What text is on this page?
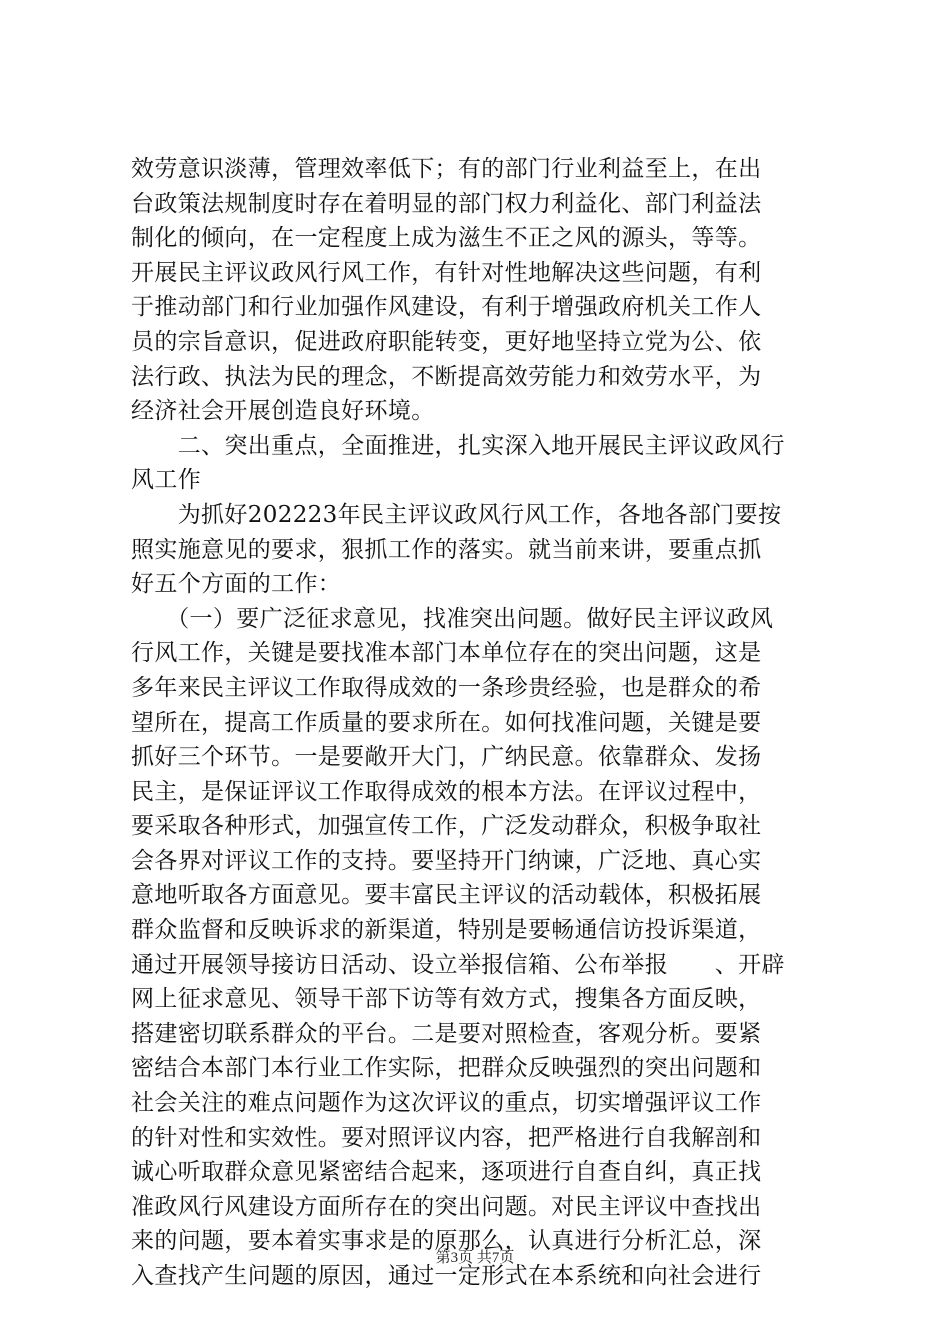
效劳意识淡薄，管理效率低下；有的部门行业利益至上，在出
台政策法规制度时存在着明显的部门权力利益化、部门利益法
制化的倾向，在一定程度上成为滋生不正之风的源头，等等。
开展民主评议政风行风工作，有针对性地解决这些问题，有利
于推动部门和行业加强作风建设，有利于增强政府机关工作人
员的宗旨意识，促进政府职能转变，更好地坚持立党为公、依
法行政、执法为民的理念，不断提高效劳能力和效劳水平，为
经济社会开展创造良好环境。
　　二、突出重点，全面推进，扎实深入地开展民主评议政风行
风工作
　　为抓好202223年民主评议政风行风工作，各地各部门要按
照实施意见的要求，狠抓工作的落实。就当前来讲，要重点抓
好五个方面的工作：
　　（一）要广泛征求意见，找准突出问题。做好民主评议政风
行风工作，关键是要找准本部门本单位存在的突出问题，这是
多年来民主评议工作取得成效的一条珍贵经验，也是群众的希
望所在，提高工作质量的要求所在。如何找准问题，关键是要
抓好三个环节。一是要敞开大门，广纳民意。依靠群众、发扬
民主，是保证评议工作取得成效的根本方法。在评议过程中，
要采取各种形式，加强宣传工作，广泛发动群众，积极争取社
会各界对评议工作的支持。要坚持开门纳谏，广泛地、真心实
意地听取各方面意见。要丰富民主评议的活动载体，积极拓展
群众监督和反映诉求的新渠道，特别是要畅通信访投诉渠道，
通过开展领导接访日活动、设立举报信箱、公布举报　　、开辟
网上征求意见、领导干部下访等有效方式，搜集各方面反映，
搭建密切联系群众的平台。二是要对照检查，客观分析。要紧
密结合本部门本行业工作实际，把群众反映强烈的突出问题和
社会关注的难点问题作为这次评议的重点，切实增强评议工作
的针对性和实效性。要对照评议内容，把严格进行自我解剖和
诚心听取群众意见紧密结合起来，逐项进行自查自纠，真正找
准政风行风建设方面所存在的突出问题。对民主评议中查找出
来的问题，要本着实事求是的原那么，认真进行分析汇总，深
入查找产生问题的原因，通过一定形式在本系统和向社会进行
第3页 共7页
